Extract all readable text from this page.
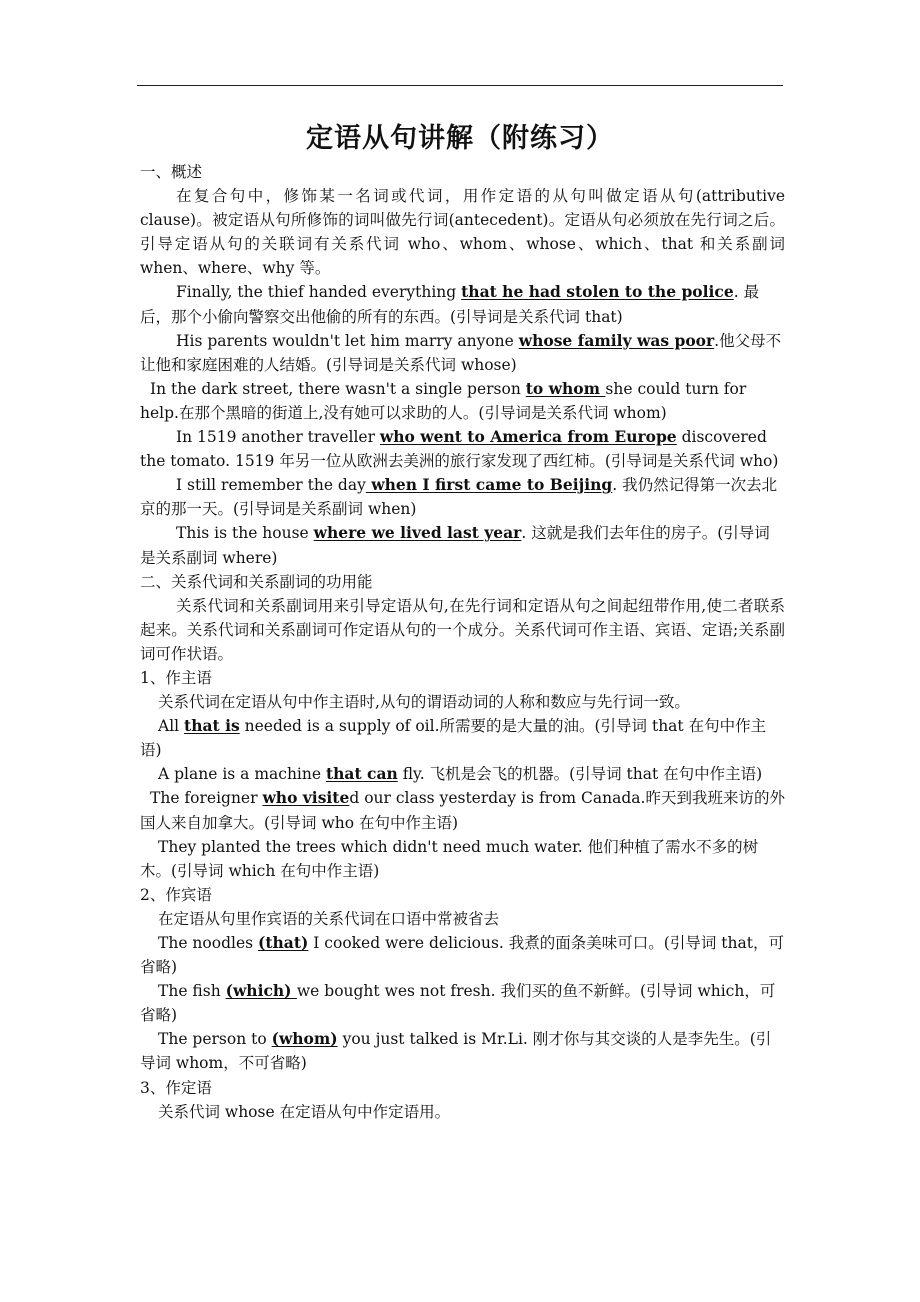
定语从句讲解（附练习）

一、概述

在复合句中，修饰某一名词或代词，用作定语的从句叫做定语从句(attributive clause)。被定语从句所修饰的词叫做先行词(antecedent)。定语从句必须放在先行词之后。引导定语从句的关联词有关系代词 who、whom、whose、which、that 和关系副词 when、where、why 等。

Finally, the thief handed everything that he had stolen to the police. 最后，那个小偷向警察交出他偷的所有的东西。(引导词是关系代词 that)

His parents wouldn't let him marry anyone whose family was poor.他父母不让他和家庭困难的人结婚。(引导词是关系代词 whose)

In the dark street, there wasn't a single person to whom she could turn for help.在那个黑暗的街道上,没有她可以求助的人。(引导词是关系代词 whom)

In 1519 another traveller who went to America from Europe discovered the tomato. 1519 年另一位从欧洲去美洲的旅行家发现了西红柿。(引导词是关系代词 who)

I still remember the day when I first came to Beijing. 我仍然记得第一次去北京的那一天。(引导词是关系副词 when)

This is the house where we lived last year. 这就是我们去年住的房子。(引导词是关系副词 where)

二、关系代词和关系副词的功用能

关系代词和关系副词用来引导定语从句,在先行词和定语从句之间起纽带作用,使二者联系起来。关系代词和关系副词可作定语从句的一个成分。关系代词可作主语、宾语、定语;关系副词可作状语。

1、作主语

关系代词在定语从句中作主语时,从句的谓语动词的人称和数应与先行词一致。

All that is needed is a supply of oil.所需要的是大量的油。(引导词 that 在句中作主语)

A plane is a machine that can fly. 飞机是会飞的机器。(引导词 that 在句中作主语)

The foreigner who visited our class yesterday is from Canada.昨天到我班来访的外国人来自加拿大。(引导词 who 在句中作主语)

They planted the trees which didn't need much water. 他们种植了需水不多的树木。(引导词 which 在句中作主语)

2、作宾语

在定语从句里作宾语的关系代词在口语中常被省去

The noodles (that) I cooked were delicious. 我煮的面条美味可口。(引导词 that，可省略)

The fish (which) we bought wes not fresh. 我们买的鱼不新鲜。(引导词 which，可省略)

The person to (whom) you just talked is Mr.Li. 刚才你与其交谈的人是李先生。(引导词 whom，不可省略)

3、作定语

关系代词 whose 在定语从句中作定语用。
